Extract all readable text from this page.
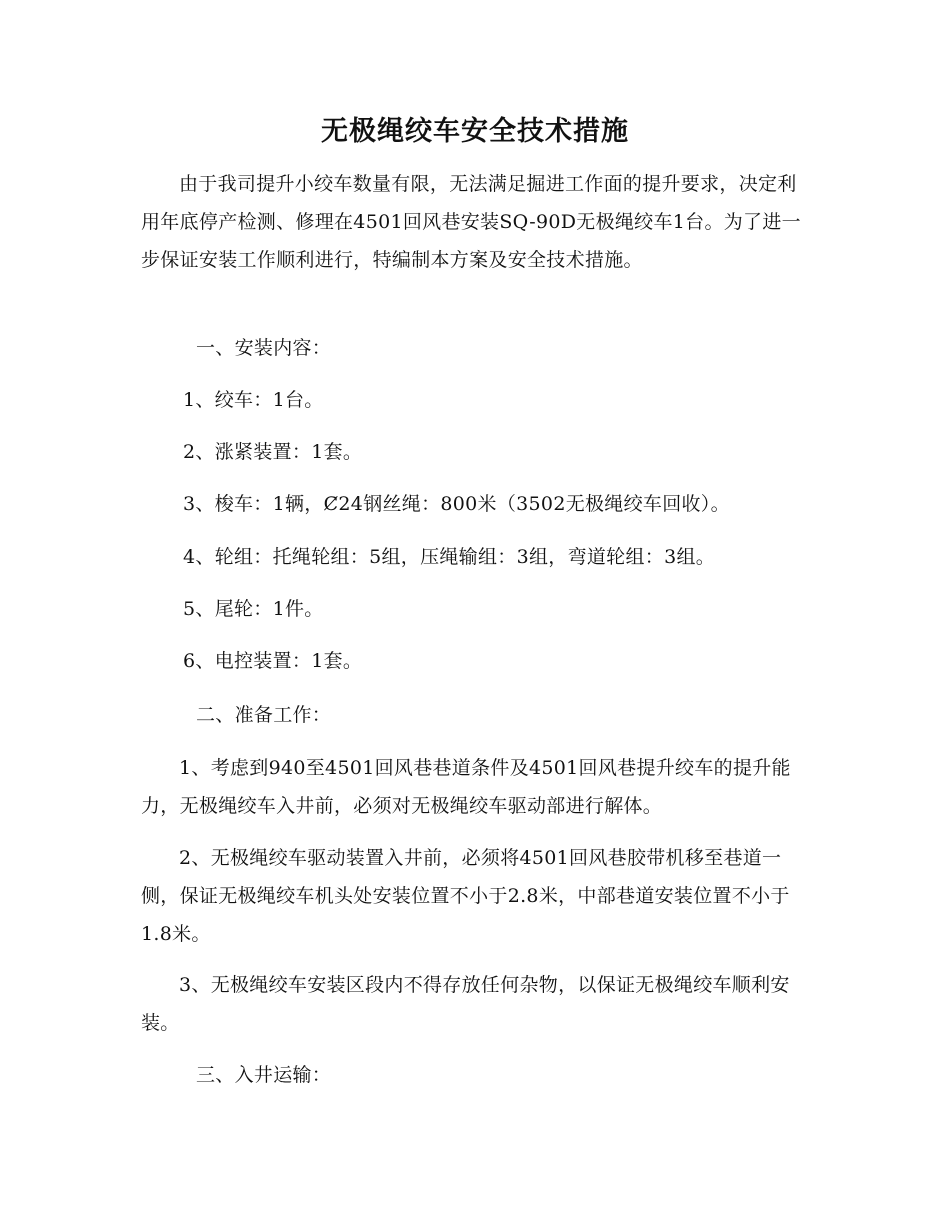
无极绳绞车安全技术措施

由于我司提升小绞车数量有限，无法满足掘进工作面的提升要求，决定利用年底停产检测、修理在4501回风巷安装SQ-90D无极绳绞车1台。为了进一步保证安装工作顺利进行，特编制本方案及安全技术措施。

一、安装内容：

1、绞车：1台。

2、涨紧装置：1套。

3、梭车：1辆，Ȼ24钢丝绳：800米（3502无极绳绞车回收）。

4、轮组：托绳轮组：5组，压绳输组：3组，弯道轮组：3组。

5、尾轮：1件。

6、电控装置：1套。

二、准备工作：

1、考虑到940至4501回风巷巷道条件及4501回风巷提升绞车的提升能力，无极绳绞车入井前，必须对无极绳绞车驱动部进行解体。

2、无极绳绞车驱动装置入井前，必须将4501回风巷胶带机移至巷道一侧，保证无极绳绞车机头处安装位置不小于2.8米，中部巷道安装位置不小于1.8米。

3、无极绳绞车安装区段内不得存放任何杂物，以保证无极绳绞车顺利安装。

三、入井运输：
